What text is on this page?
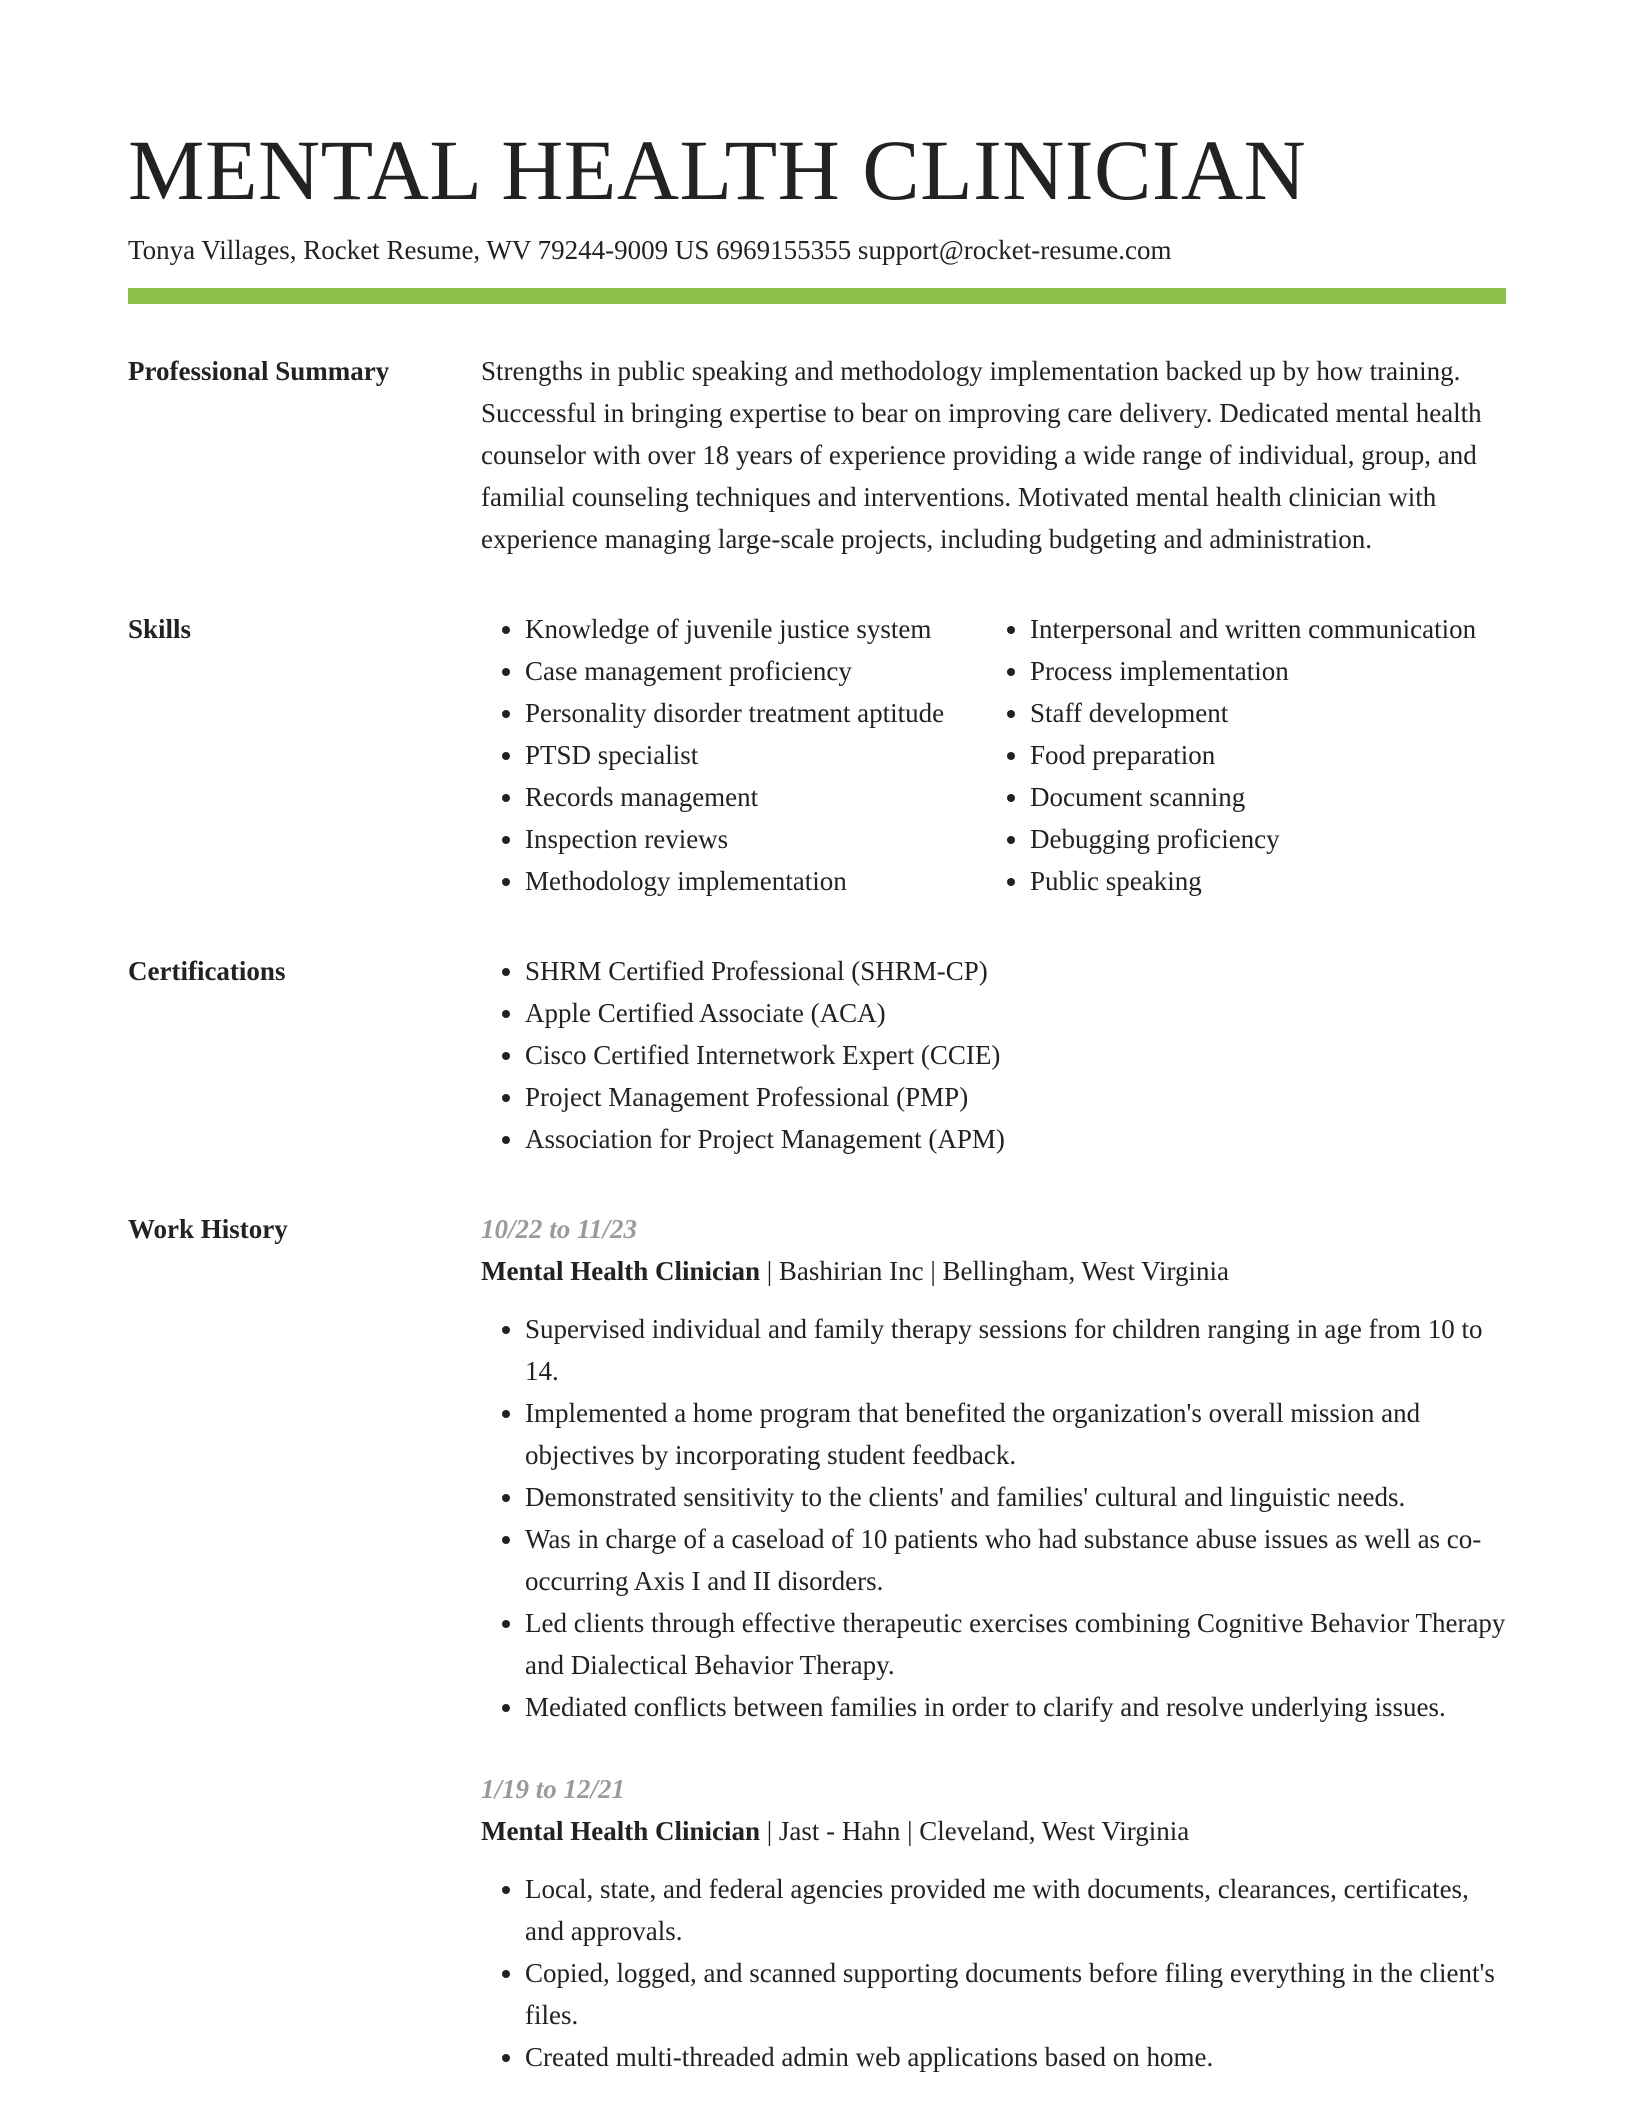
MENTAL HEALTH CLINICIAN
Tonya Villages, Rocket Resume, WV 79244-9009 US 6969155355 support@rocket-resume.com
Professional Summary	Strengths in public speaking and methodology implementation backed up by how training. Successful in bringing expertise to bear on improving care delivery. Dedicated mental health counselor with over 18 years of experience providing a wide range of individual, group, and familial counseling techniques and interventions. Motivated mental health clinician with experience managing large-scale projects, including budgeting and administration.

Skills	• Knowledge of juvenile justice system
• Case management proficiency
• Personality disorder treatment aptitude
• PTSD specialist
• Records management
• Inspection reviews
• Methodology implementation
• Interpersonal and written communication
• Process implementation
• Staff development
• Food preparation
• Document scanning
• Debugging proficiency
• Public speaking
Certifications	• SHRM Certified Professional (SHRM-CP)
• Apple Certified Associate (ACA)
• Cisco Certified Internetwork Expert (CCIE)
• Project Management Professional (PMP)
• Association for Project Management (APM)
Work History	10/22 to 11/23
Mental Health Clinician | Bashirian Inc | Bellingham, West Virginia
• Supervised individual and family therapy sessions for children ranging in age from 10 to 14.
• Implemented a home program that benefited the organization's overall mission and objectives by incorporating student feedback.
• Demonstrated sensitivity to the clients' and families' cultural and linguistic needs.
• Was in charge of a caseload of 10 patients who had substance abuse issues as well as co-occurring Axis I and II disorders.
• Led clients through effective therapeutic exercises combining Cognitive Behavior Therapy and Dialectical Behavior Therapy.
• Mediated conflicts between families in order to clarify and resolve underlying issues.
1/19 to 12/21
Mental Health Clinician | Jast - Hahn | Cleveland, West Virginia
• Local, state, and federal agencies provided me with documents, clearances, certificates, and approvals.
• Copied, logged, and scanned supporting documents before filing everything in the client's files.
• Created multi-threaded admin web applications based on home.
